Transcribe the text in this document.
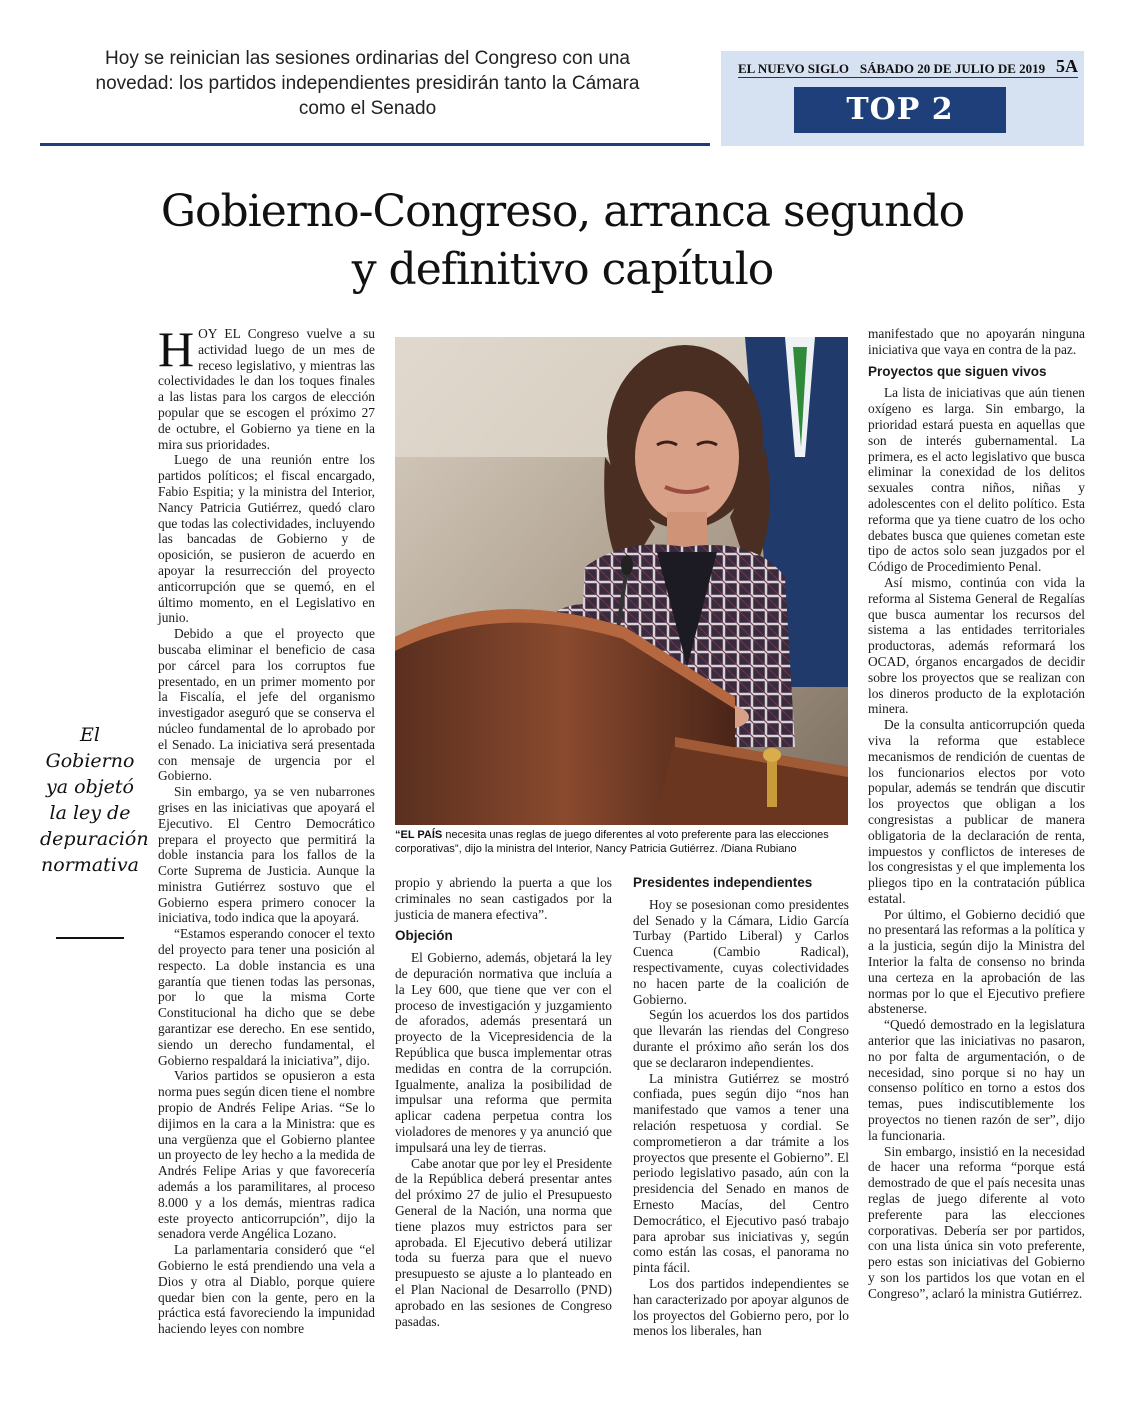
Hoy se reinician las sesiones ordinarias del Congreso con una novedad: los partidos independientes presidirán tanto la Cámara como el Senado
EL NUEVO SIGLO SÁBADO 20 DE JULIO DE 2019 5A
TOP 2
Gobierno-Congreso, arranca segundo
y definitivo capítulo
El Gobierno ya objetó la ley de depuración normativa

HOY EL Congreso vuelve a su actividad luego de un mes de receso legislativo, y mientras las colectividades le dan los toques finales a las listas para los cargos de elección popular que se escogen el próximo 27 de octubre, el Gobierno ya tiene en la mira sus prioridades.

Luego de una reunión entre los partidos políticos; el fiscal encargado, Fabio Espitia; y la ministra del Interior, Nancy Patricia Gutiérrez, quedó claro que todas las colectividades, incluyendo las bancadas de Gobierno y de oposición, se pusieron de acuerdo en apoyar la resurrección del proyecto anticorrupción que se quemó, en el último momento, en el Legislativo en junio.

Debido a que el proyecto que buscaba eliminar el beneficio de casa por cárcel para los corruptos fue presentado, en un primer momento por la Fiscalía, el jefe del organismo investigador aseguró que se conserva el núcleo fundamental de lo aprobado por el Senado. La iniciativa será presentada con mensaje de urgencia por el Gobierno.

Sin embargo, ya se ven nubarrones grises en las iniciativas que apoyará el Ejecutivo. El Centro Democrático prepara el proyecto que permitirá la doble instancia para los fallos de la Corte Suprema de Justicia. Aunque la ministra Gutiérrez sostuvo que el Gobierno espera primero conocer la iniciativa, todo indica que la apoyará.

“Estamos esperando conocer el texto del proyecto para tener una posición al respecto. La doble instancia es una garantía que tienen todas las personas, por lo que la misma Corte Constitucional ha dicho que se debe garantizar ese derecho. En ese sentido, siendo un derecho fundamental, el Gobierno respaldará la iniciativa”, dijo.

Varios partidos se opusieron a esta norma pues según dicen tiene el nombre propio de Andrés Felipe Arias. “Se lo dijimos en la cara a la Ministra: que es una vergüenza que el Gobierno plantee un proyecto de ley hecho a la medida de Andrés Felipe Arias y que favorecería además a los paramilitares, al proceso 8.000 y a los demás, mientras radica este proyecto anticorrupción”, dijo la senadora verde Angélica Lozano.

La parlamentaria consideró que “el Gobierno le está prendiendo una vela a Dios y otra al Diablo, porque quiere quedar bien con la gente, pero en la práctica está favoreciendo la impunidad haciendo leyes con nombre

“EL PAÍS necesita unas reglas de juego diferentes al voto preferente para las elecciones corporativas”, dijo la ministra del Interior, Nancy Patricia Gutiérrez. /Diana Rubiano

propio y abriendo la puerta a que los criminales no sean castigados por la justicia de manera efectiva”.

Objeción

El Gobierno, además, objetará la ley de depuración normativa que incluía a la Ley 600, que tiene que ver con el proceso de investigación y juzgamiento de aforados, además presentará un proyecto de la Vicepresidencia de la República que busca implementar otras medidas en contra de la corrupción. Igualmente, analiza la posibilidad de impulsar una reforma que permita aplicar cadena perpetua contra los violadores de menores y ya anunció que impulsará una ley de tierras.

Cabe anotar que por ley el Presidente de la República deberá presentar antes del próximo 27 de julio el Presupuesto General de la Nación, una norma que tiene plazos muy estrictos para ser aprobada. El Ejecutivo deberá utilizar toda su fuerza para que el nuevo presupuesto se ajuste a lo planteado en el Plan Nacional de Desarrollo (PND) aprobado en las sesiones de Congreso pasadas.

Presidentes independientes

Hoy se posesionan como presidentes del Senado y la Cámara, Lidio García Turbay (Partido Liberal) y Carlos Cuenca (Cambio Radical), respectivamente, cuyas colectividades no hacen parte de la coalición de Gobierno.

Según los acuerdos los dos partidos que llevarán las riendas del Congreso durante el próximo año serán los dos que se declararon independientes.

La ministra Gutiérrez se mostró confiada, pues según dijo “nos han manifestado que vamos a tener una relación respetuosa y cordial. Se comprometieron a dar trámite a los proyectos que presente el Gobierno”. El periodo legislativo pasado, aún con la presidencia del Senado en manos de Ernesto Macías, del Centro Democrático, el Ejecutivo pasó trabajo para aprobar sus iniciativas y, según como están las cosas, el panorama no pinta fácil.

Los dos partidos independientes se han caracterizado por apoyar algunos de los proyectos del Gobierno pero, por lo menos los liberales, han

manifestado que no apoyarán ninguna iniciativa que vaya en contra de la paz.

Proyectos que siguen vivos

La lista de iniciativas que aún tienen oxígeno es larga. Sin embargo, la prioridad estará puesta en aquellas que son de interés gubernamental. La primera, es el acto legislativo que busca eliminar la conexidad de los delitos sexuales contra niños, niñas y adolescentes con el delito político. Esta reforma que ya tiene cuatro de los ocho debates busca que quienes cometan este tipo de actos solo sean juzgados por el Código de Procedimiento Penal.

Así mismo, continúa con vida la reforma al Sistema General de Regalías que busca aumentar los recursos del sistema a las entidades territoriales productoras, además reformará los OCAD, órganos encargados de decidir sobre los proyectos que se realizan con los dineros producto de la explotación minera.

De la consulta anticorrupción queda viva la reforma que establece mecanismos de rendición de cuentas de los funcionarios electos por voto popular, además se tendrán que discutir los proyectos que obligan a los congresistas a publicar de manera obligatoria de la declaración de renta, impuestos y conflictos de intereses de los congresistas y el que implementa los pliegos tipo en la contratación pública estatal.

Por último, el Gobierno decidió que no presentará las reformas a la política y a la justicia, según dijo la Ministra del Interior la falta de consenso no brinda una certeza en la aprobación de las normas por lo que el Ejecutivo prefiere abstenerse.

“Quedó demostrado en la legislatura anterior que las iniciativas no pasaron, no por falta de argumentación, o de necesidad, sino porque si no hay un consenso político en torno a estos dos temas, pues indiscutiblemente los proyectos no tienen razón de ser”, dijo la funcionaria.

Sin embargo, insistió en la necesidad de hacer una reforma “porque está demostrado de que el país necesita unas reglas de juego diferente al voto preferente para las elecciones corporativas. Debería ser por partidos, con una lista única sin voto preferente, pero estas son iniciativas del Gobierno y son los partidos los que votan en el Congreso”, aclaró la ministra Gutiérrez.
